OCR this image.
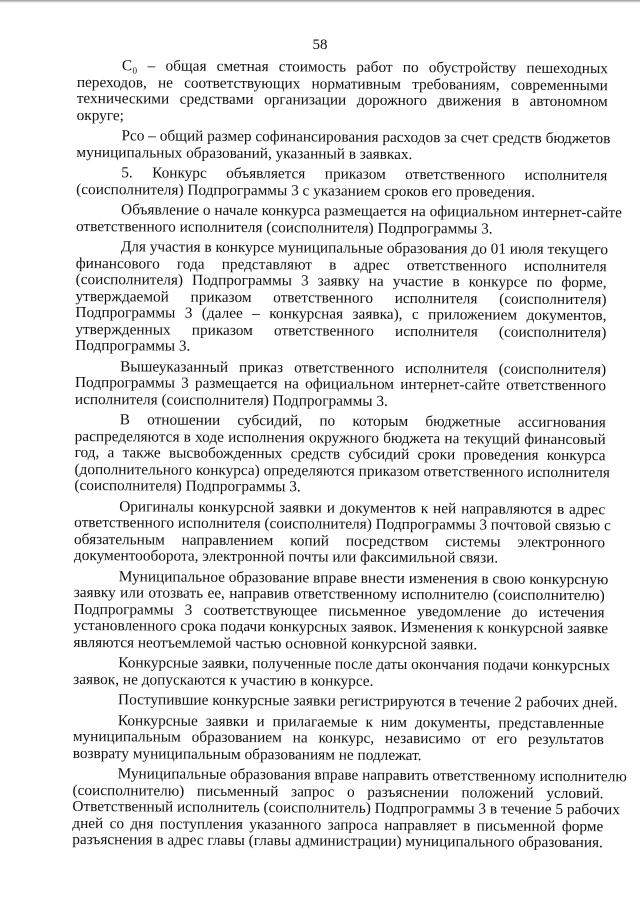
58
C₀ – общая сметная стоимость работ по обустройству пешеходных
переходов, не соответствующих нормативным требованиям, современными
техническими средствами организации дорожного движения в автономном
округе;
Рсо – общий размер софинансирования расходов за счет средств бюджетов
муниципальных образований, указанный в заявках.
5. Конкурс объявляется приказом ответственного исполнителя
(соисполнителя) Подпрограммы 3 с указанием сроков его проведения.
Объявление о начале конкурса размещается на официальном интернет-сайте
ответственного исполнителя (соисполнителя) Подпрограммы 3.
Для участия в конкурсе муниципальные образования до 01 июля текущего
финансового года представляют в адрес ответственного исполнителя
(соисполнителя) Подпрограммы 3 заявку на участие в конкурсе по форме,
утверждаемой приказом ответственного исполнителя (соисполнителя)
Подпрограммы 3 (далее – конкурсная заявка), с приложением документов,
утвержденных приказом ответственного исполнителя (соисполнителя)
Подпрограммы 3.
Вышеуказанный приказ ответственного исполнителя (соисполнителя)
Подпрограммы 3 размещается на официальном интернет-сайте ответственного
исполнителя (соисполнителя) Подпрограммы 3.
В отношении субсидий, по которым бюджетные ассигнования
распределяются в ходе исполнения окружного бюджета на текущий финансовый
год, а также высвобожденных средств субсидий сроки проведения конкурса
(дополнительного конкурса) определяются приказом ответственного исполнителя
(соисполнителя) Подпрограммы 3.
Оригиналы конкурсной заявки и документов к ней направляются в адрес
ответственного исполнителя (соисполнителя) Подпрограммы 3 почтовой связью с
обязательным направлением копий посредством системы электронного
документооборота, электронной почты или факсимильной связи.
Муниципальное образование вправе внести изменения в свою конкурсную
заявку или отозвать ее, направив ответственному исполнителю (соисполнителю)
Подпрограммы 3 соответствующее письменное уведомление до истечения
установленного срока подачи конкурсных заявок. Изменения к конкурсной заявке
являются неотъемлемой частью основной конкурсной заявки.
Конкурсные заявки, полученные после даты окончания подачи конкурсных
заявок, не допускаются к участию в конкурсе.
Поступившие конкурсные заявки регистрируются в течение 2 рабочих дней.
Конкурсные заявки и прилагаемые к ним документы, представленные
муниципальным образованием на конкурс, независимо от его результатов
возврату муниципальным образованиям не подлежат.
Муниципальные образования вправе направить ответственному исполнителю
(соисполнителю) письменный запрос о разъяснении положений условий.
Ответственный исполнитель (соисполнитель) Подпрограммы 3 в течение 5 рабочих
дней со дня поступления указанного запроса направляет в письменной форме
разъяснения в адрес главы (главы администрации) муниципального образования.
